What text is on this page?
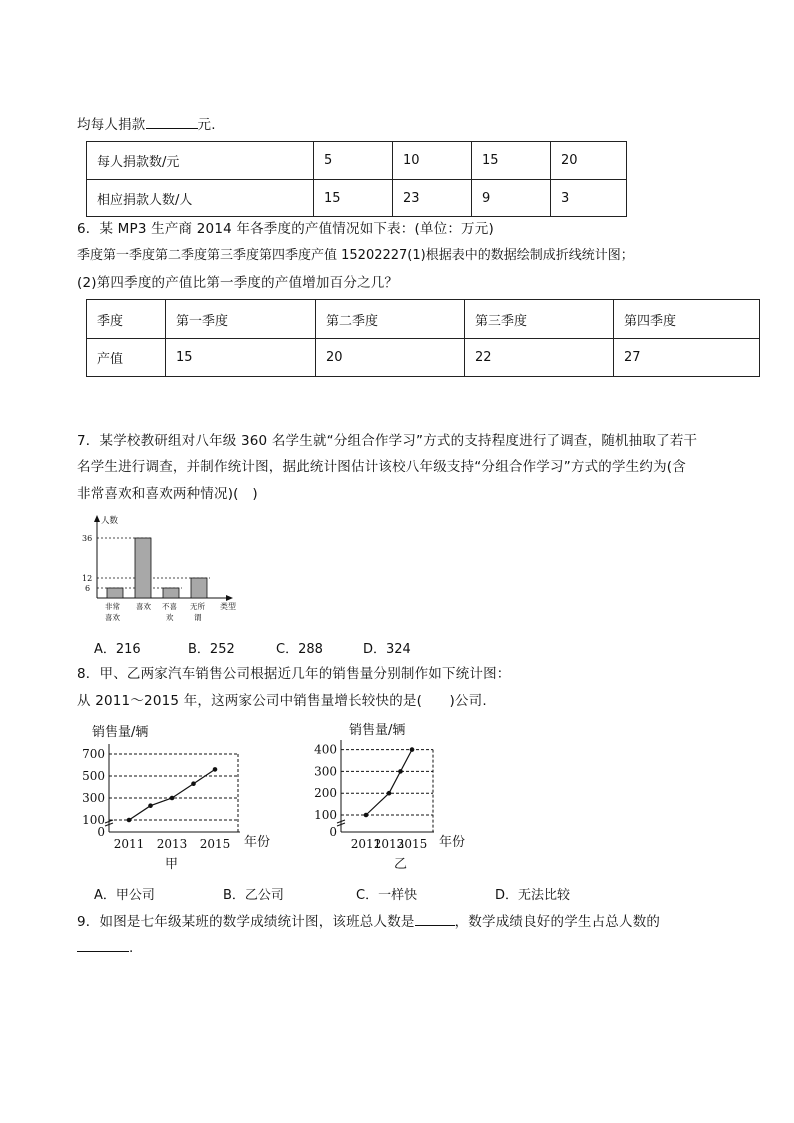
均每人捐款	元.
每人捐款数/元	5	10	15	20
相应捐款人数/人	15	23	9	3
6．某 MP3 生产商 2014 年各季度的产值情况如下表：(单位：万元)
季度第一季度第二季度第三季度第四季度产值 15202227(1)根据表中的数据绘制成折线统计图；
(2)第四季度的产值比第一季度的产值增加百分之几？
季度	第一季度	第二季度	第三季度	第四季度
产值	15	20	22	27
7．某学校教研组对八年级 360 名学生就“分组合作学习”方式的支持程度进行了调查，随机抽取了若干
名学生进行调查，并制作统计图，据此统计图估计该校八年级支持“分组合作学习”方式的学生约为(含
非常喜欢和喜欢两种情况)(　)
人数
类型
36
12
6
非常
喜欢
喜欢 不喜
欢
无所
谓
A．216	B．252	C．288	D．324
8．甲、乙两家汽车销售公司根据近几年的销售量分别制作如下统计图：
从 2011～2015 年，这两家公司中销售量增长较快的是(　　)公司.
销售量/辆
0
100
300
500
700
2011 2013 2015 年份
甲
销售量/辆
0
100
200
300
400
2011
2013
2015 年份
乙
A．甲公司	B．乙公司	C．一样快	D．无法比较
9．如图是七年级某班的数学成绩统计图，该班总人数是	，数学成绩良好的学生占总人数的
.
